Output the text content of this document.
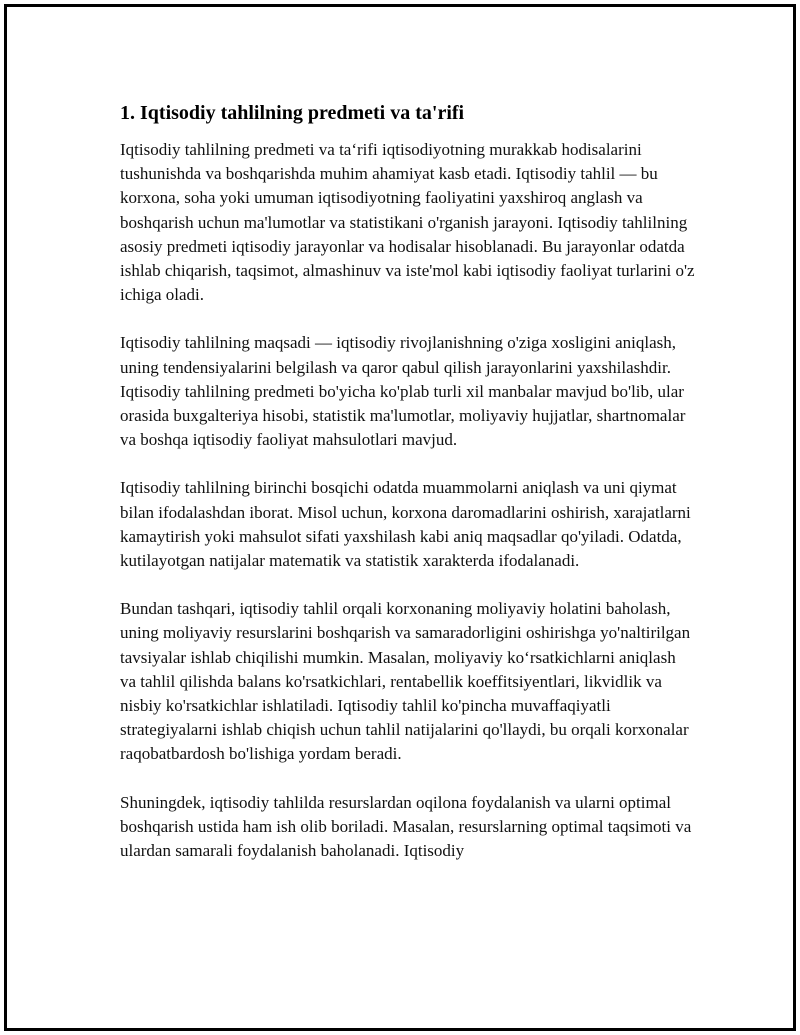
1. Iqtisodiy tahlilning predmeti va ta'rifi

Iqtisodiy tahlilning predmeti va taʻrifi iqtisodiyotning murakkab hodisalarini tushunishda va boshqarishda muhim ahamiyat kasb etadi. Iqtisodiy tahlil — bu korxona, soha yoki umuman iqtisodiyotning faoliyatini yaxshiroq anglash va boshqarish uchun ma'lumotlar va statistikani o'rganish jarayoni. Iqtisodiy tahlilning asosiy predmeti iqtisodiy jarayonlar va hodisalar hisoblanadi. Bu jarayonlar odatda ishlab chiqarish, taqsimot, almashinuv va iste'mol kabi iqtisodiy faoliyat turlarini o'z ichiga oladi.

Iqtisodiy tahlilning maqsadi — iqtisodiy rivojlanishning o'ziga xosligini aniqlash, uning tendensiyalarini belgilash va qaror qabul qilish jarayonlarini yaxshilashdir. Iqtisodiy tahlilning predmeti bo'yicha ko'plab turli xil manbalar mavjud bo'lib, ular orasida buxgalteriya hisobi, statistik ma'lumotlar, moliyaviy hujjatlar, shartnomalar va boshqa iqtisodiy faoliyat mahsulotlari mavjud.

Iqtisodiy tahlilning birinchi bosqichi odatda muammolarni aniqlash va uni qiymat bilan ifodalashdan iborat. Misol uchun, korxona daromadlarini oshirish, xarajatlarni kamaytirish yoki mahsulot sifati yaxshilash kabi aniq maqsadlar qo'yiladi. Odatda, kutilayotgan natijalar matematik va statistik xarakterda ifodalanadi.

Bundan tashqari, iqtisodiy tahlil orqali korxonaning moliyaviy holatini baholash, uning moliyaviy resurslarini boshqarish va samaradorligini oshirishga yo'naltirilgan tavsiyalar ishlab chiqilishi mumkin. Masalan, moliyaviy koʻrsatkichlarni aniqlash va tahlil qilishda balans ko'rsatkichlari, rentabellik koeffitsiyentlari, likvidlik va nisbiy ko'rsatkichlar ishlatiladi. Iqtisodiy tahlil ko'pincha muvaffaqiyatli strategiyalarni ishlab chiqish uchun tahlil natijalarini qo'llaydi, bu orqali korxonalar raqobatbardosh bo'lishiga yordam beradi.

Shuningdek, iqtisodiy tahlilda resurslardan oqilona foydalanish va ularni optimal boshqarish ustida ham ish olib boriladi. Masalan, resurslarning optimal taqsimoti va ulardan samarali foydalanish baholanadi. Iqtisodiy
